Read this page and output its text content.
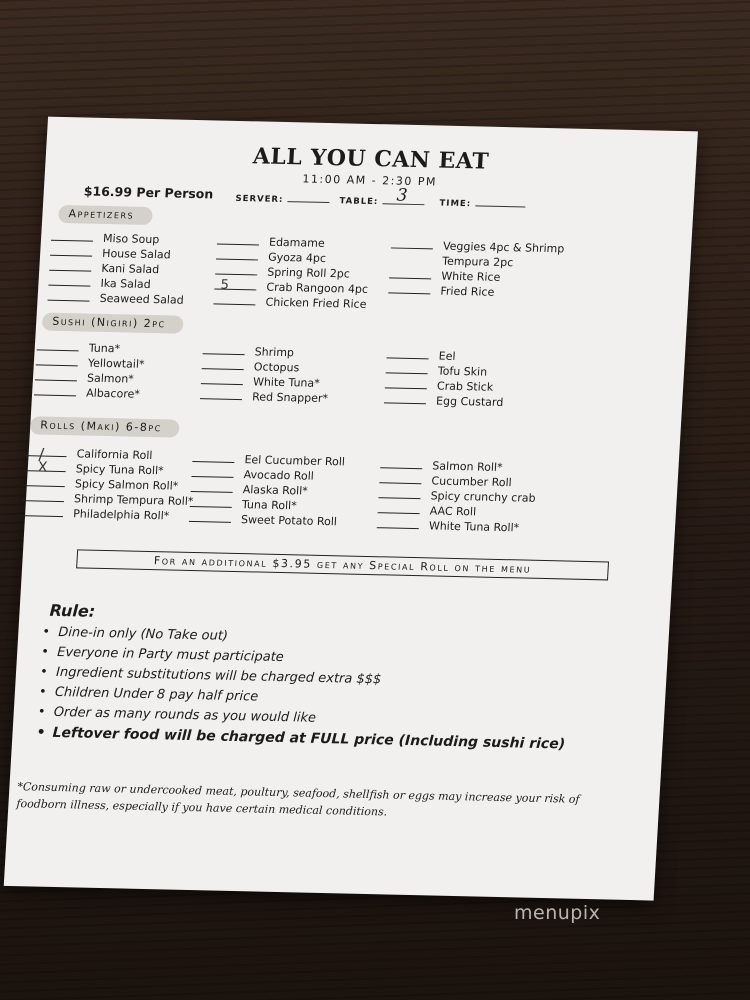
ALL YOU CAN EAT
11:00 AM - 2:30 PM
$16.99 Per Person	SERVER:	TABLE: 3	TIME:
Appetizers
Miso Soup
House Salad
Kani Salad
Ika Salad
Seaweed Salad
Edamame
Gyoza 4pc
Spring Roll 2pc
5	Crab Rangoon 4pc
Chicken Fried Rice
Veggies 4pc & Shrimp
Tempura 2pc
White Rice
Fried Rice
Sushi (Nigiri) 2pc
Tuna*
Yellowtail*
Salmon*
Albacore*
Shrimp
Octopus
White Tuna*
Red Snapper*
Eel
Tofu Skin
Crab Stick
Egg Custard
Rolls (Maki) 6-8pc
/	California Roll
X	Spicy Tuna Roll*
Spicy Salmon Roll*
Shrimp Tempura Roll*
Philadelphia Roll*
Eel Cucumber Roll
Avocado Roll
Alaska Roll*
Tuna Roll*
Sweet Potato Roll
Salmon Roll*
Cucumber Roll
Spicy crunchy crab
AAC Roll
White Tuna Roll*
For an additional $3.95 get any Special Roll on the menu
Rule:
• Dine-in only (No Take out)
• Everyone in Party must participate
• Ingredient substitutions will be charged extra $$$
• Children Under 8 pay half price
• Order as many rounds as you would like
• Leftover food will be charged at FULL price (Including sushi rice)
*Consuming raw or undercooked meat, poultury, seafood, shellfish or eggs may increase your risk of foodborn illness, especially if you have certain medical conditions.
menupix
